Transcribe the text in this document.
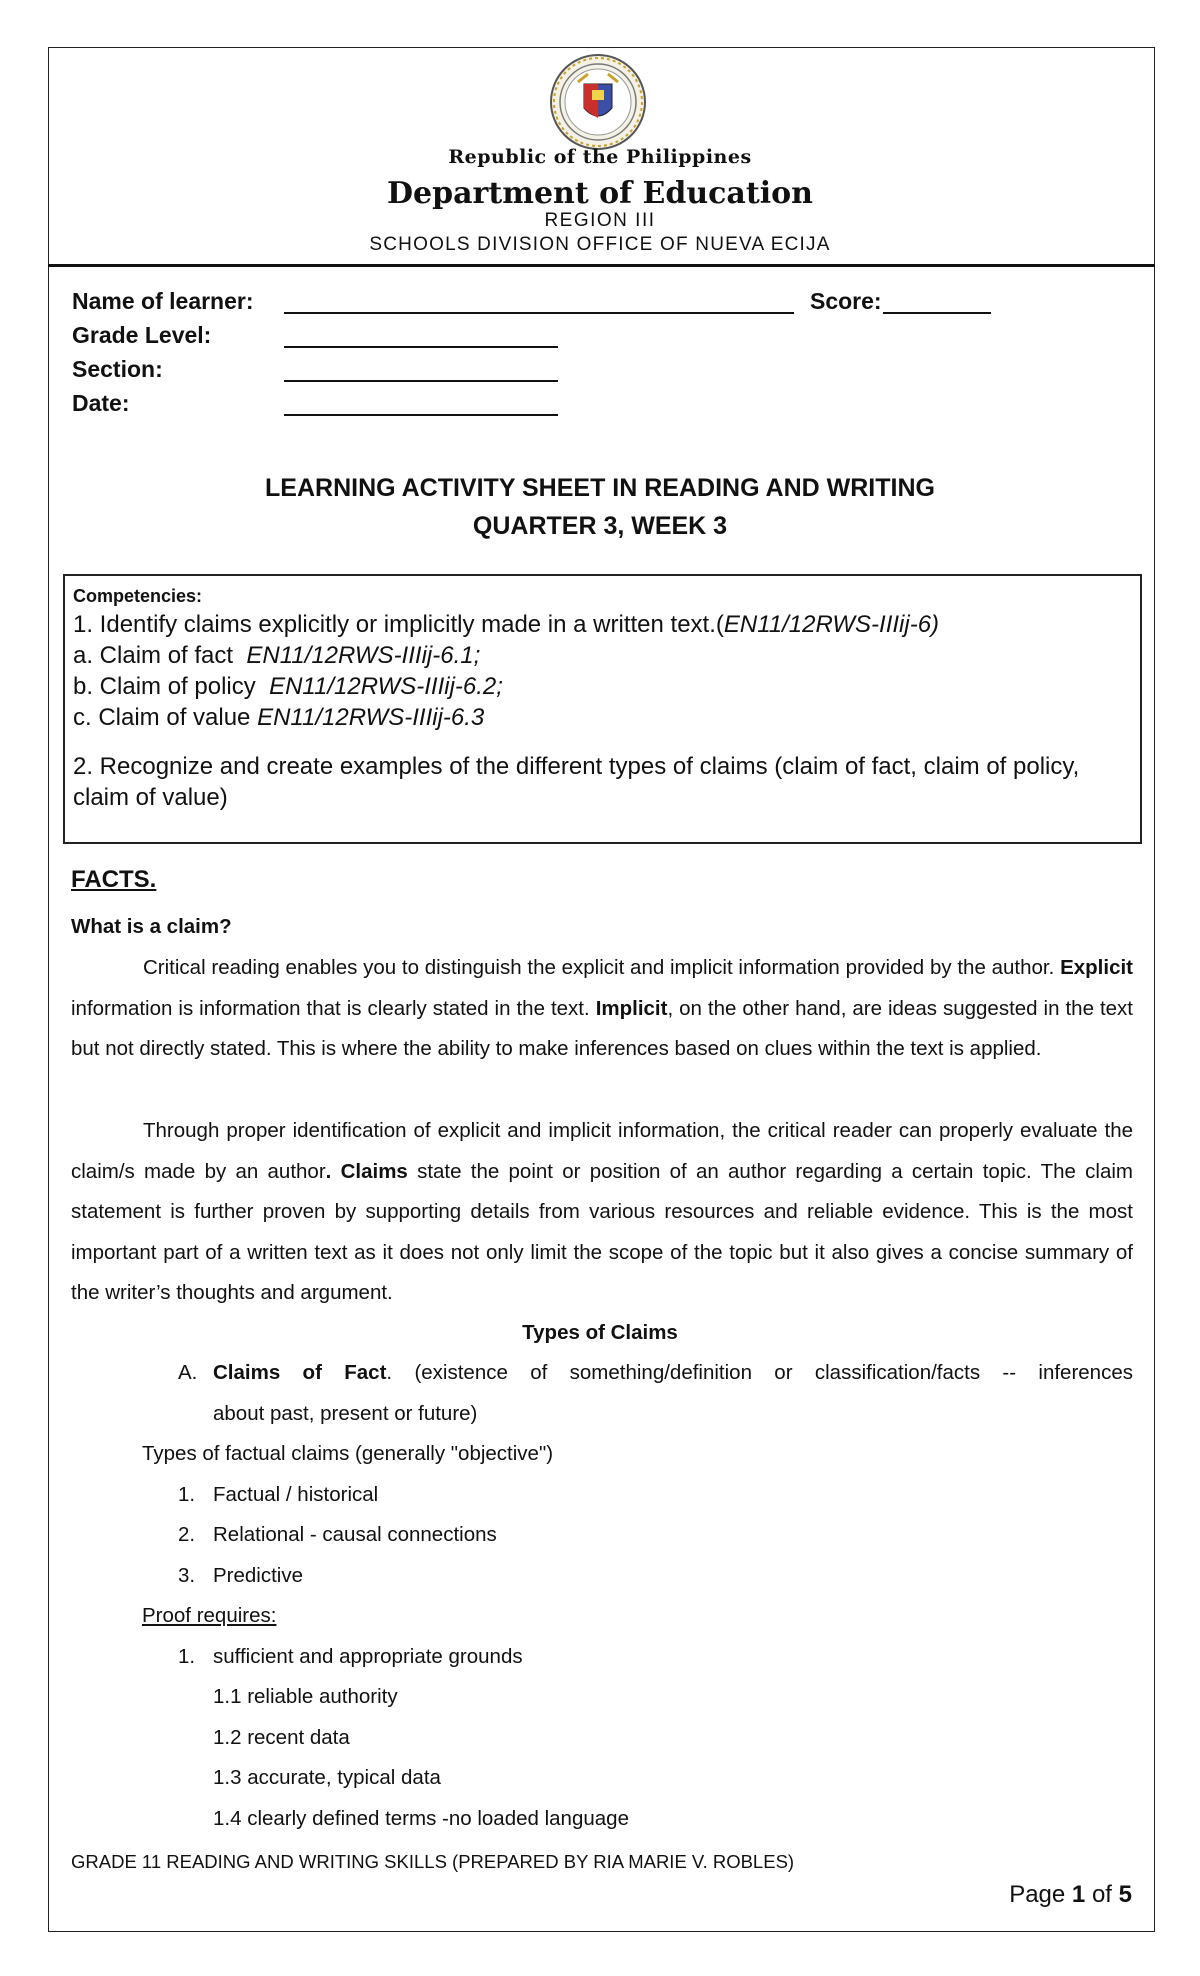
Republic of the Philippines
Department of Education
REGION III
SCHOOLS DIVISION OFFICE OF NUEVA ECIJA
Name of learner:	Score:
Grade Level:
Section:
Date:
LEARNING ACTIVITY SHEET IN READING AND WRITING
QUARTER 3, WEEK 3

Competencies:

1. Identify claims explicitly or implicitly made in a written text.(EN11/12RWS-IIIij-6)

a. Claim of fact  EN11/12RWS-IIIij-6.1;

b. Claim of policy  EN11/12RWS-IIIij-6.2;

c. Claim of value EN11/12RWS-IIIij-6.3

2. Recognize and create examples of the different types of claims (claim of fact, claim of policy, claim of value)

FACTS.
What is a claim?

Critical reading enables you to distinguish the explicit and implicit information provided by the author. Explicit information is information that is clearly stated in the text. Implicit, on the other hand, are ideas suggested in the text but not directly stated. This is where the ability to make inferences based on clues within the text is applied.

Through proper identification of explicit and implicit information, the critical reader can properly evaluate the claim/s made by an author. Claims state the point or position of an author regarding a certain topic. The claim statement is further proven by supporting details from various resources and reliable evidence. This is the most important part of a written text as it does not only limit the scope of the topic but it also gives a concise summary of the writer’s thoughts and argument.

Types of Claims
A. Claims of Fact. (existence of something/definition or classification/facts -- inferences
about past, present or future)
Types of factual claims (generally "objective")
1. Factual / historical
2. Relational - causal connections
3. Predictive
Proof requires:
1. sufficient and appropriate grounds
1.1 reliable authority
1.2 recent data
1.3 accurate, typical data
1.4 clearly defined terms -no loaded language
GRADE 11 READING AND WRITING SKILLS (PREPARED BY RIA MARIE V. ROBLES)
Page 1 of 5
